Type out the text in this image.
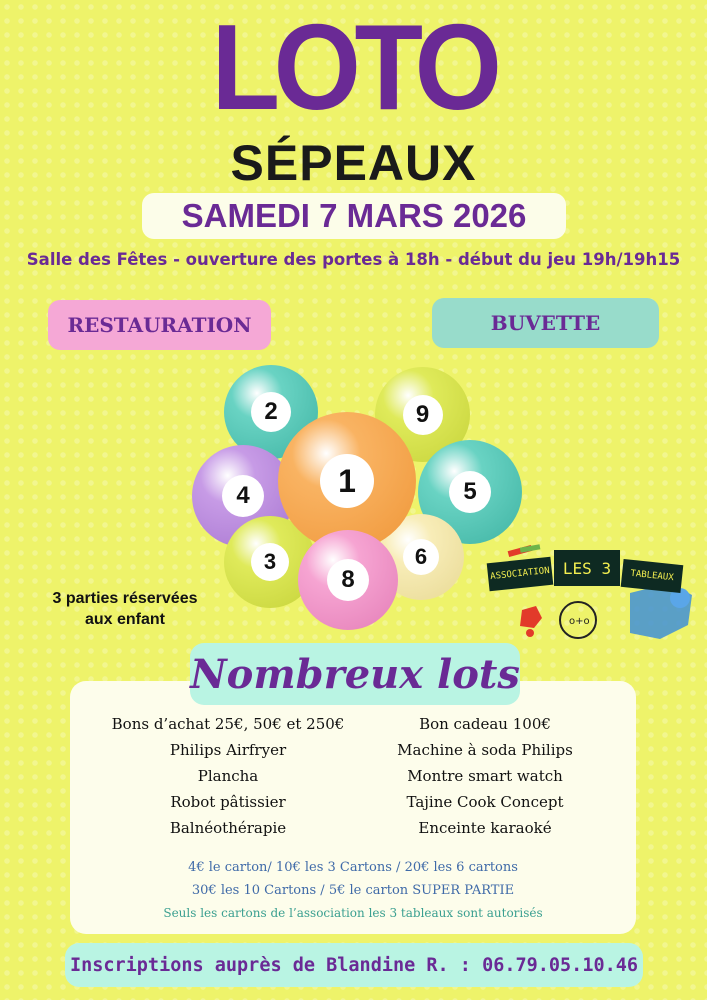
LOTO
SÉPEAUX
SAMEDI 7 MARS 2026
Salle des Fêtes - ouverture des portes à 18h - début du jeu 19h/19h15
RESTAURATION	BUVETTE
2	9
4	5
3	6
1
8
3 parties réservées
aux enfant	o+o
ASSOCIATION LES 3	TABLEAUX
Nombreux lots
Bons d’achat 25€, 50€ et 250€
Philips Airfryer
Plancha
Robot pâtissier
Balnéothérapie
Bon cadeau 100€
Machine à soda Philips
Montre smart watch
Tajine Cook Concept
Enceinte karaoké
4€ le carton/ 10€ les 3 Cartons / 20€ les 6 cartons
30€ les 10 Cartons / 5€ le carton SUPER PARTIE
Seuls les cartons de l’association les 3 tableaux sont autorisés
Inscriptions auprès de Blandine R. : 06.79.05.10.46
